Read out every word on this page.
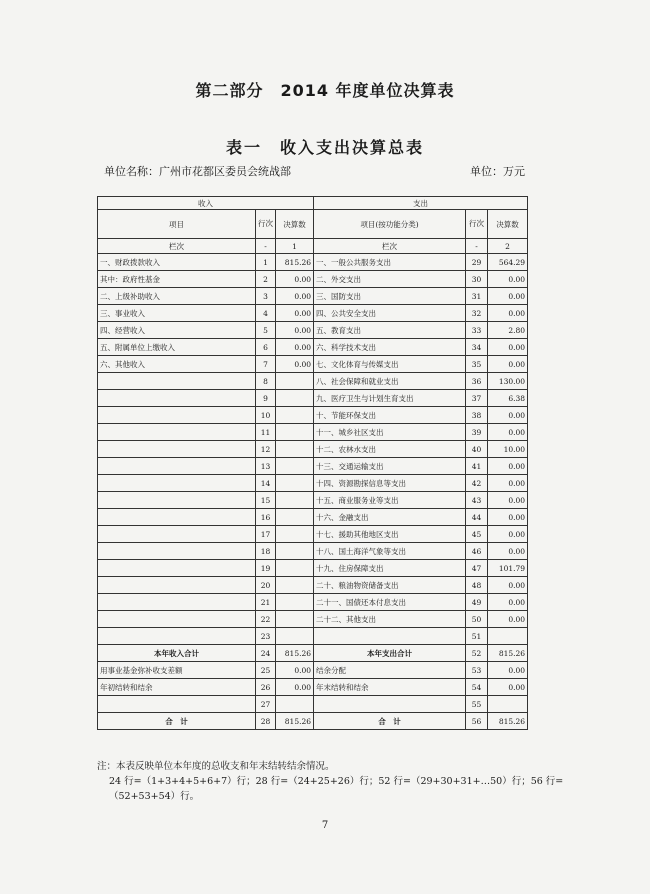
第二部分　2014 年度单位决算表
表一　收入支出决算总表
单位名称：广州市花都区委员会统战部	单位：万元
收入			支出		
项目	行次	决算数	项目(按功能分类)	行次	决算数
栏次	-	1	栏次	-	2
一、财政拨款收入	1	815.26	一、一般公共服务支出	29	564.29
其中：政府性基金	2	0.00	二、外交支出	30	0.00
二、上级补助收入	3	0.00	三、国防支出	31	0.00
三、事业收入	4	0.00	四、公共安全支出	32	0.00
四、经营收入	5	0.00	五、教育支出	33	2.80
五、附属单位上缴收入	6	0.00	六、科学技术支出	34	0.00
六、其他收入	7	0.00	七、文化体育与传媒支出	35	0.00
	8		八、社会保障和就业支出	36	130.00
	9		九、医疗卫生与计划生育支出	37	6.38
	10		十、节能环保支出	38	0.00
	11		十一、城乡社区支出	39	0.00
	12		十二、农林水支出	40	10.00
	13		十三、交通运输支出	41	0.00
	14		十四、资源勘探信息等支出	42	0.00
	15		十五、商业服务业等支出	43	0.00
	16		十六、金融支出	44	0.00
	17		十七、援助其他地区支出	45	0.00
	18		十八、国土海洋气象等支出	46	0.00
	19		十九、住房保障支出	47	101.79
	20		二十、粮油物资储备支出	48	0.00
	21		二十一、国债还本付息支出	49	0.00
	22		二十二、其他支出	50	0.00
	23			51	
本年收入合计	24	815.26	本年支出合计	52	815.26
用事业基金弥补收支差额	25	0.00	结余分配	53	0.00
年初结转和结余	26	0.00	年末结转和结余	54	0.00
	27			55	
合　计	28	815.26	合　计	56	815.26
注：本表反映单位本年度的总收支和年末结转结余情况。
24 行=（1+3+4+5+6+7）行；28 行=（24+25+26）行；52 行=（29+30+31+…50）行；56 行=
（52+53+54）行。
7
